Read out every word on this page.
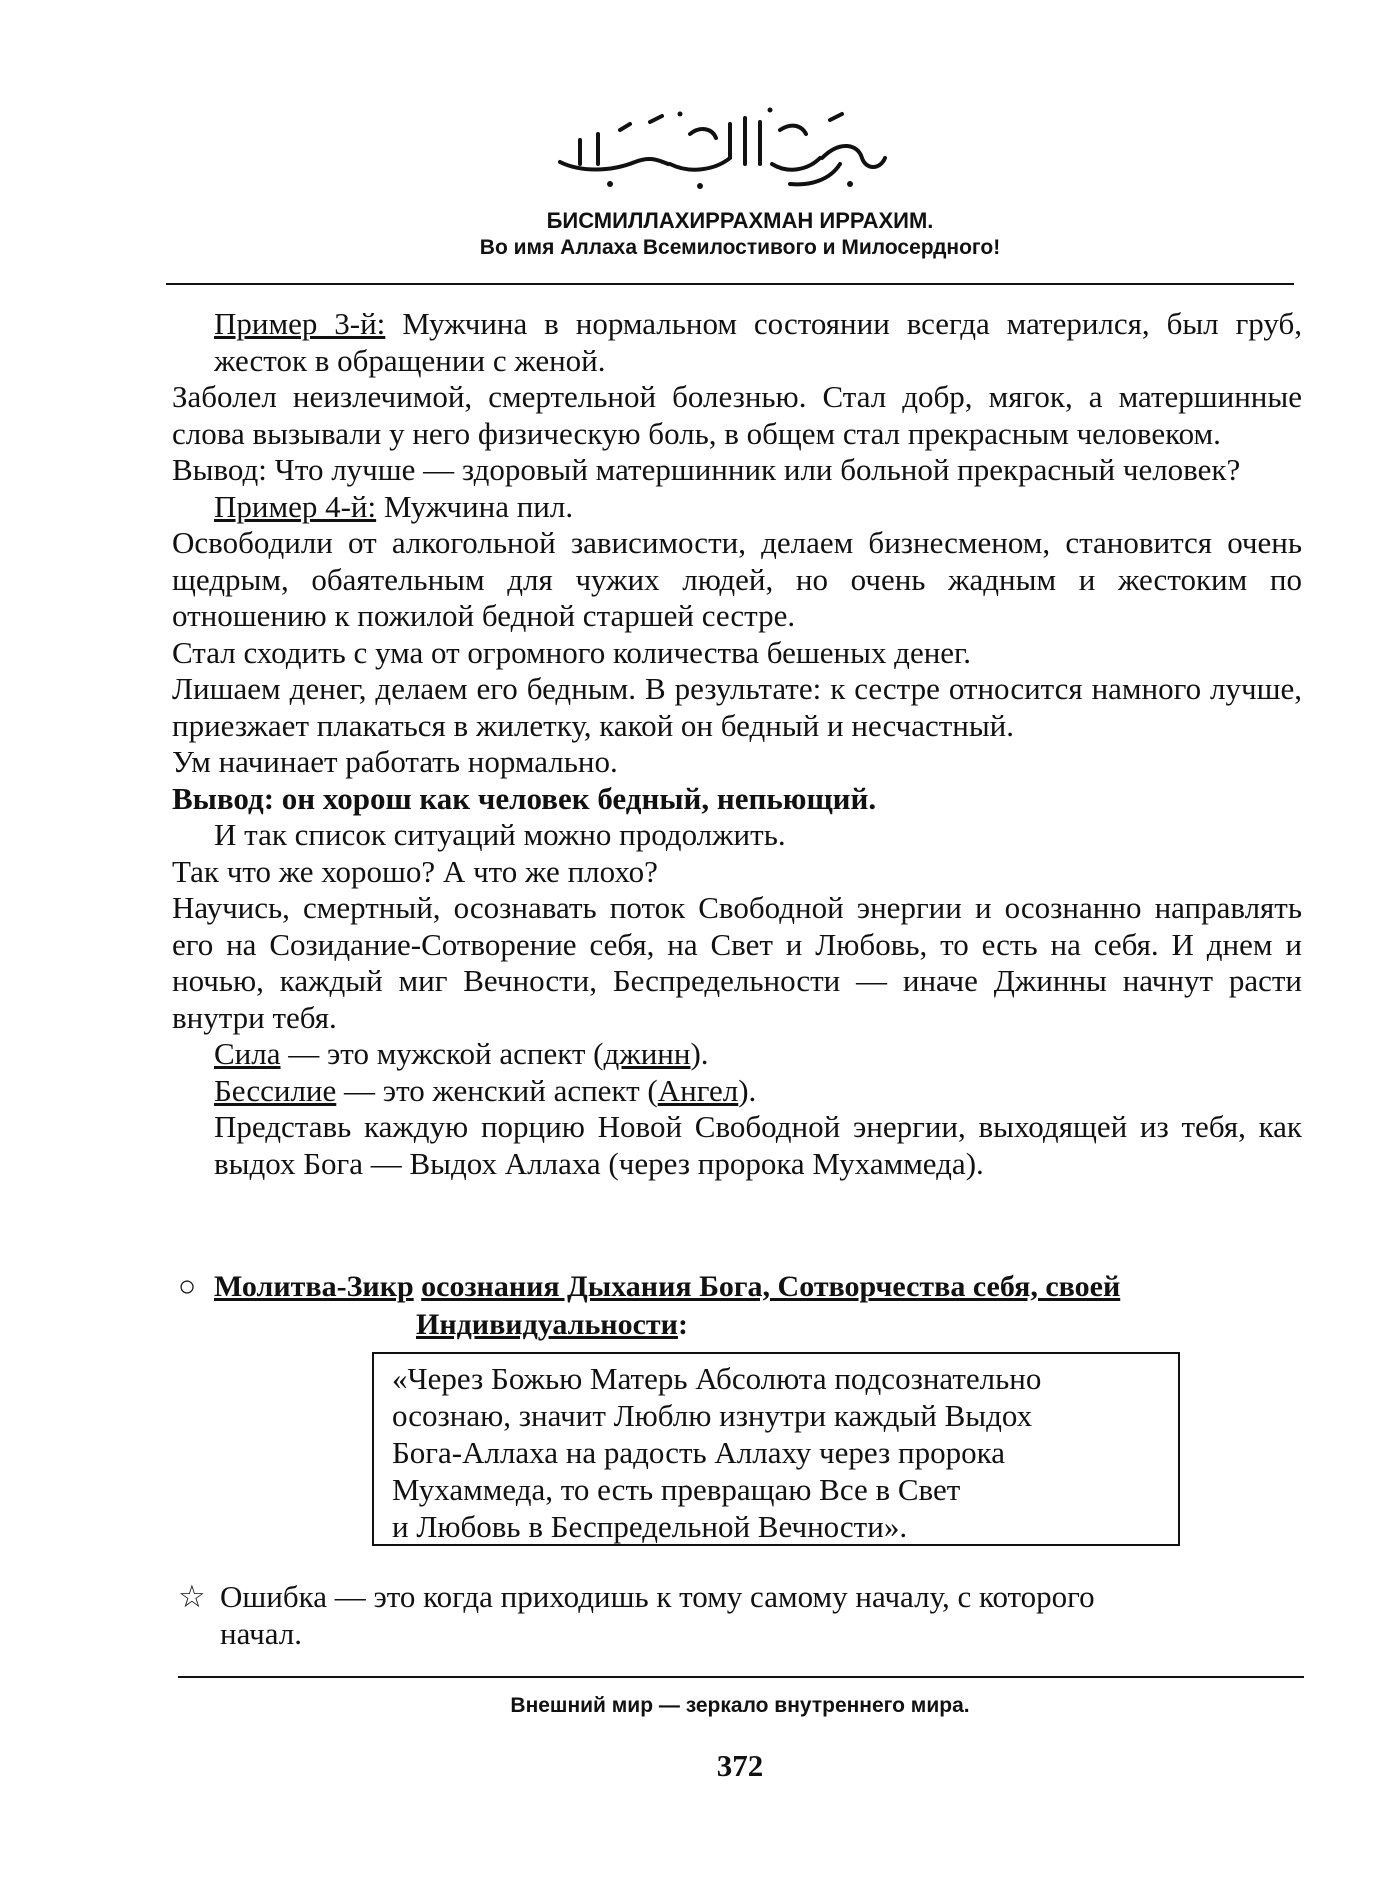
БИСМИЛЛАХИРРАХМАН ИРРАХИМ.
Во имя Аллаха Всемилостивого и Милосердного!

Пример 3-й: Мужчина в нормальном состоянии всегда матерился, был груб, жесток в обращении с женой.

Заболел неизлечимой, смертельной болезнью. Стал добр, мягок, а матершинные слова вызывали у него физическую боль, в общем стал прекрасным человеком.

Вывод: Что лучше — здоровый матершинник или больной прекрасный человек?

Пример 4-й: Мужчина пил.

Освободили от алкогольной зависимости, делаем бизнесменом, становится очень щедрым, обаятельным для чужих людей, но очень жадным и жестоким по отношению к пожилой бедной старшей сестре.

Стал сходить с ума от огромного количества бешеных денег.

Лишаем денег, делаем его бедным. В результате: к сестре относится намного лучше, приезжает плакаться в жилетку, какой он бедный и несчастный.

Ум начинает работать нормально.

Вывод: он хорош как человек бедный, непьющий.

И так список ситуаций можно продолжить.

Так что же хорошо? А что же плохо?

Научись, смертный, осознавать поток Свободной энергии и осознанно направлять его на Созидание-Сотворение себя, на Свет и Любовь, то есть на себя. И днем и ночью, каждый миг Вечности, Беспредельности — иначе Джинны начнут расти внутри тебя.

Сила — это мужской аспект (джинн).

Бессилие — это женский аспект (Ангел).

Представь каждую порцию Новой Свободной энергии, выходящей из тебя, как выдох Бога — Выдох Аллаха (через пророка Мухаммеда).

○ Молитва-Зикр осознания Дыхания Бога, Сотворчества себя, своей
Индивидуальности:

«Через Божью Матерь Абсолюта подсознательно

осознаю, значит Люблю изнутри каждый Выдох

Бога-Аллаха на радость Аллаху через пророка

Мухаммеда, то есть превращаю Все в Свет

и Любовь в Беспредельной Вечности».

☆ Ошибка — это когда приходишь к тому самому началу, с которого

начал.

Внешний мир — зеркало внутреннего мира.
372
